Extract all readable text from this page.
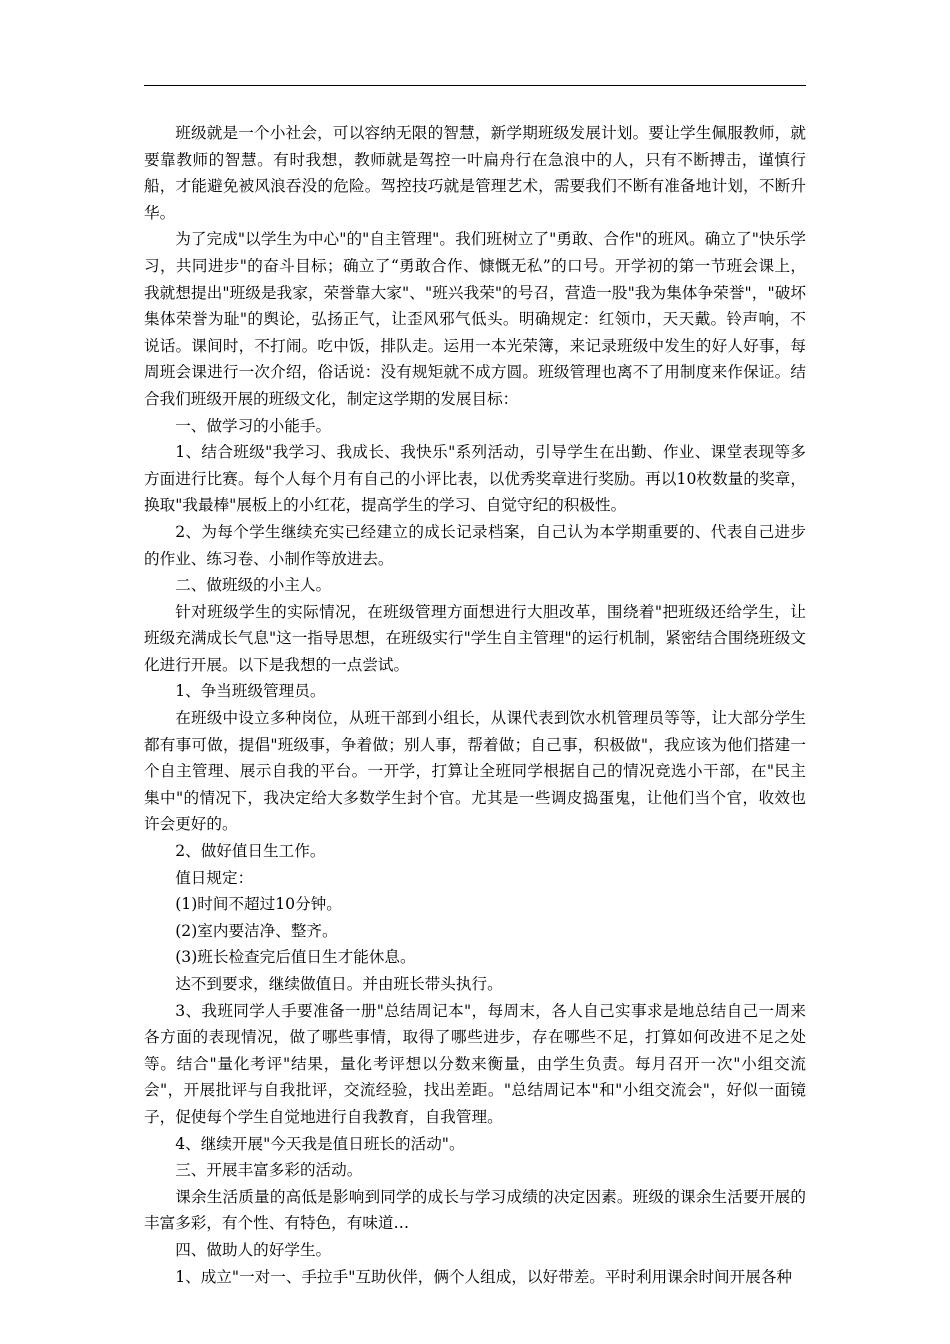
班级就是一个小社会，可以容纳无限的智慧，新学期班级发展计划。要让学生佩服教师，就要靠教师的智慧。有时我想，教师就是驾控一叶扁舟行在急浪中的人，只有不断搏击，谨慎行船，才能避免被风浪吞没的危险。驾控技巧就是管理艺术，需要我们不断有准备地计划，不断升华。

为了完成"以学生为中心"的"自主管理"。我们班树立了"勇敢、合作"的班风。确立了"快乐学习，共同进步"的奋斗目标；确立了“勇敢合作、慷慨无私”的口号。开学初的第一节班会课上，我就想提出"班级是我家，荣誉靠大家"、"班兴我荣"的号召，营造一股"我为集体争荣誉"，"破坏集体荣誉为耻"的舆论，弘扬正气，让歪风邪气低头。明确规定：红领巾，天天戴。铃声响，不说话。课间时，不打闹。吃中饭，排队走。运用一本光荣簿，来记录班级中发生的好人好事，每周班会课进行一次介绍，俗话说：没有规矩就不成方圆。班级管理也离不了用制度来作保证。结合我们班级开展的班级文化，制定这学期的发展目标：

一、做学习的小能手。

1、结合班级"我学习、我成长、我快乐"系列活动，引导学生在出勤、作业、课堂表现等多方面进行比赛。每个人每个月有自己的小评比表，以优秀奖章进行奖励。再以10枚数量的奖章，换取"我最棒"展板上的小红花，提高学生的学习、自觉守纪的积极性。

2、为每个学生继续充实已经建立的成长记录档案，自己认为本学期重要的、代表自己进步的作业、练习卷、小制作等放进去。

二、做班级的小主人。

针对班级学生的实际情况，在班级管理方面想进行大胆改革，围绕着"把班级还给学生，让班级充满成长气息"这一指导思想，在班级实行"学生自主管理"的运行机制，紧密结合围绕班级文化进行开展。以下是我想的一点尝试。

1、争当班级管理员。

在班级中设立多种岗位，从班干部到小组长，从课代表到饮水机管理员等等，让大部分学生都有事可做，提倡"班级事，争着做；别人事，帮着做；自己事，积极做"，我应该为他们搭建一个自主管理、展示自我的平台。一开学，打算让全班同学根据自己的情况竞选小干部，在"民主集中"的情况下，我决定给大多数学生封个官。尤其是一些调皮捣蛋鬼，让他们当个官，收效也许会更好的。

2、做好值日生工作。

值日规定：

(1)时间不超过10分钟。

(2)室内要洁净、整齐。

(3)班长检查完后值日生才能休息。

达不到要求，继续做值日。并由班长带头执行。

3、我班同学人手要准备一册"总结周记本"，每周末，各人自己实事求是地总结自己一周来各方面的表现情况，做了哪些事情，取得了哪些进步，存在哪些不足，打算如何改进不足之处等。结合"量化考评"结果，量化考评想以分数来衡量，由学生负责。每月召开一次"小组交流会"，开展批评与自我批评，交流经验，找出差距。"总结周记本"和"小组交流会"，好似一面镜子，促使每个学生自觉地进行自我教育，自我管理。

4、继续开展"今天我是值日班长的活动"。

三、开展丰富多彩的活动。

课余生活质量的高低是影响到同学的成长与学习成绩的决定因素。班级的课余生活要开展的丰富多彩，有个性、有特色，有味道…

四、做助人的好学生。

1、成立"一对一、手拉手"互助伙伴，俩个人组成，以好带差。平时利用课余时间开展各种
